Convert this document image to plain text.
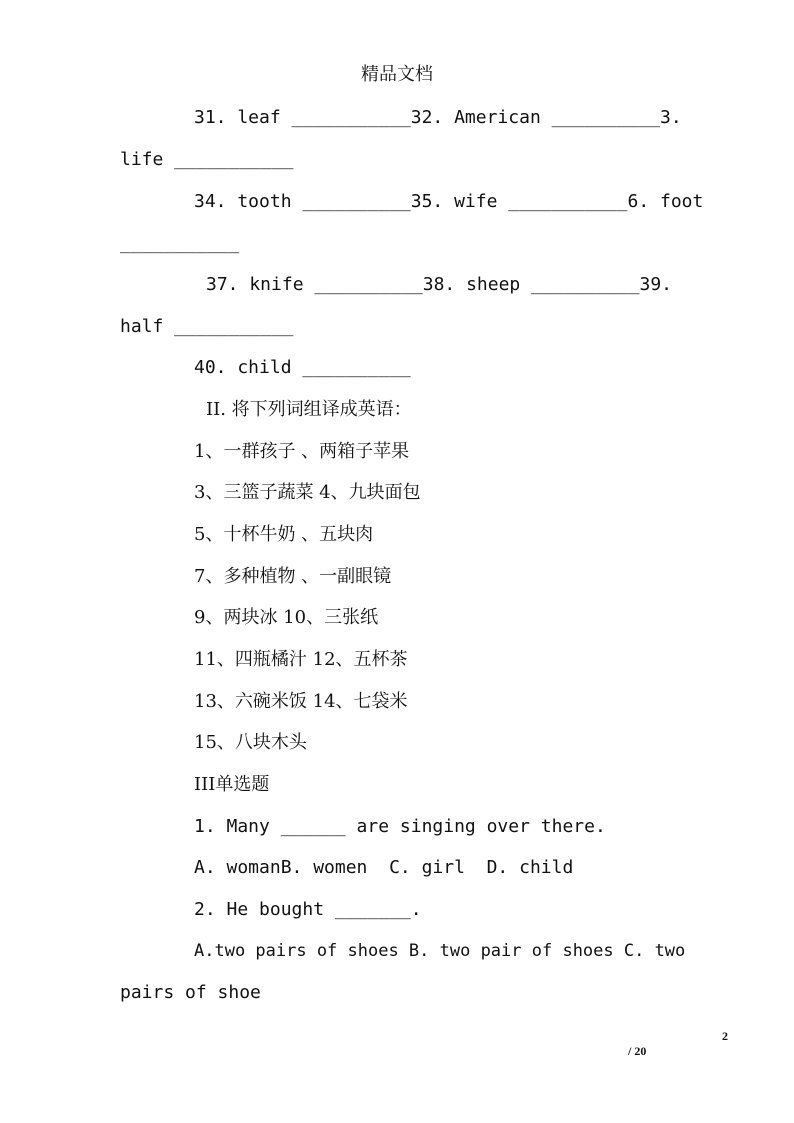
精品文档
31. leaf ___________32. American __________3.
life ___________
34. tooth __________35. wife ___________6. foot
___________
37. knife __________38. sheep __________39.
half ___________
40. child __________
II. 将下列词组译成英语：
1、一群孩子 、两箱子苹果
3、三篮子蔬菜 4、九块面包
5、十杯牛奶 、五块肉
7、多种植物 、一副眼镜
9、两块冰 10、三张纸
11、四瓶橘汁 12、五杯茶
13、六碗米饭 14、七袋米
15、八块木头
III单选题
1. Many ______ are singing over there.
A. womanB. women  C. girl  D. child
2. He bought _______.
A.two pairs of shoes B. two pair of shoes C. two
pairs of shoe
2
/ 20
